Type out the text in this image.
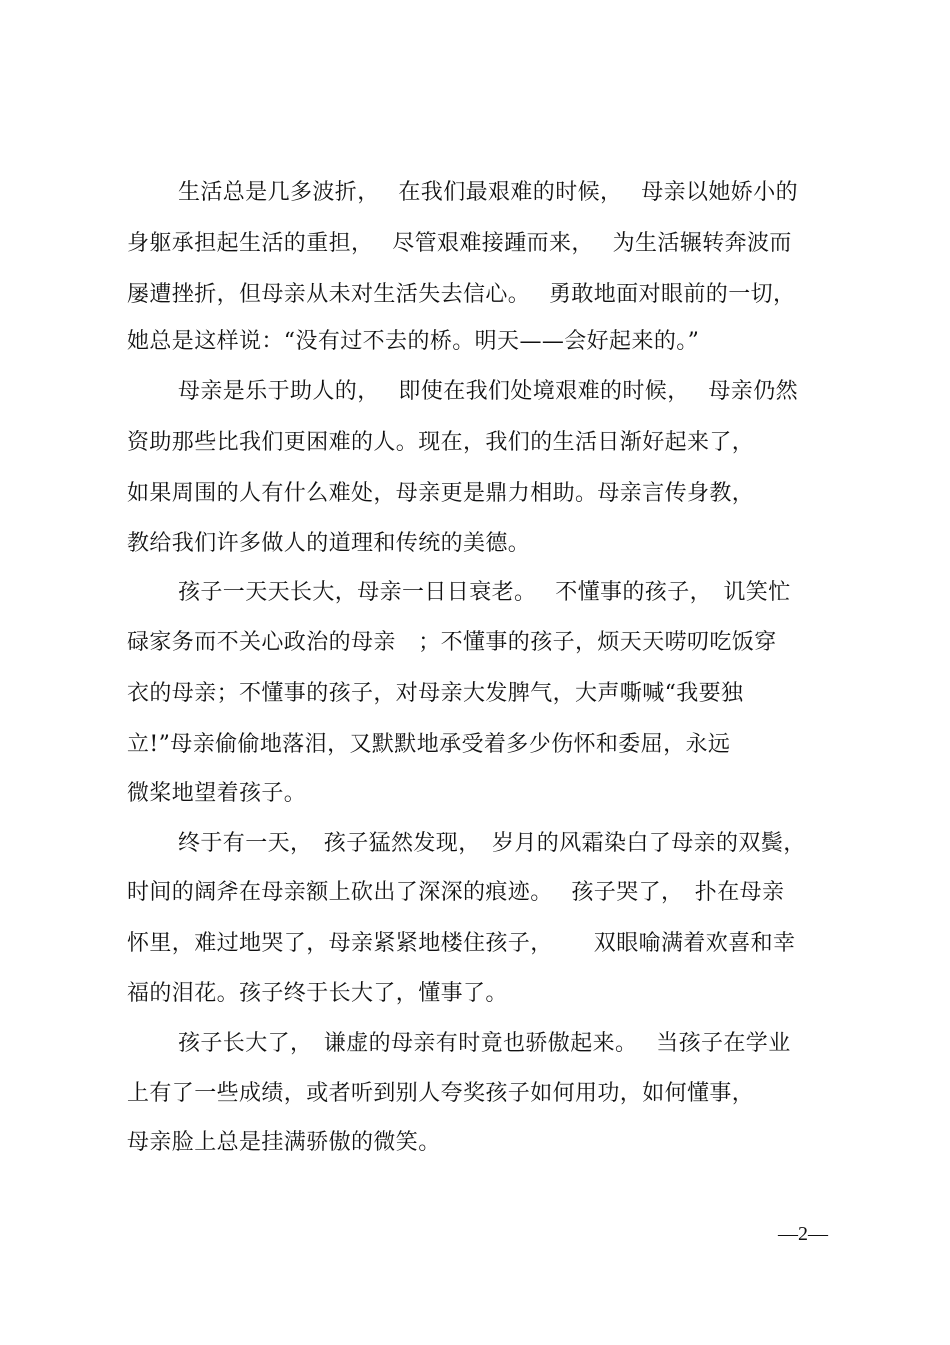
生活总是几多波折，　 在我们最艰难的时候，　 母亲以她娇小的
身躯承担起生活的重担，　 尽管艰难接踵而来，　 为生活辗转奔波而
屡遭挫折，但母亲从未对生活失去信心。　 勇敢地面对眼前的一切，
她总是这样说：“没有过不去的桥。明天——会好起来的。”
母亲是乐于助人的，　 即使在我们处境艰难的时候，　 母亲仍然
资助那些比我们更困难的人。现在，我们的生活日渐好起来了，
如果周围的人有什么难处，母亲更是鼎力相助。母亲言传身教，
教给我们许多做人的道理和传统的美德。
孩子一天天长大，母亲一日日衰老。　 不懂事的孩子，　讥笑忙
碌家务而不关心政治的母亲　；不懂事的孩子，烦天天唠叨吃饭穿
衣的母亲；不懂事的孩子，对母亲大发脾气，大声嘶喊“我要独
立!”母亲偷偷地落泪，又默默地承受着多少伤怀和委屈，永远
微桨地望着孩子。
终于有一天，　孩子猛然发现，　岁月的风霜染白了母亲的双鬓，
时间的阔斧在母亲额上砍出了深深的痕迹。　 孩子哭了，　扑在母亲
怀里，难过地哭了，母亲紧紧地楼住孩子，　 　双眼喻满着欢喜和幸
福的泪花。孩子终于长大了，懂事了。
孩子长大了，　谦虚的母亲有时竟也骄傲起来。　 当孩子在学业
上有了一些成绩，或者听到别人夸奖孩子如何用功，如何懂事，
母亲脸上总是挂满骄傲的微笑。
—2—
